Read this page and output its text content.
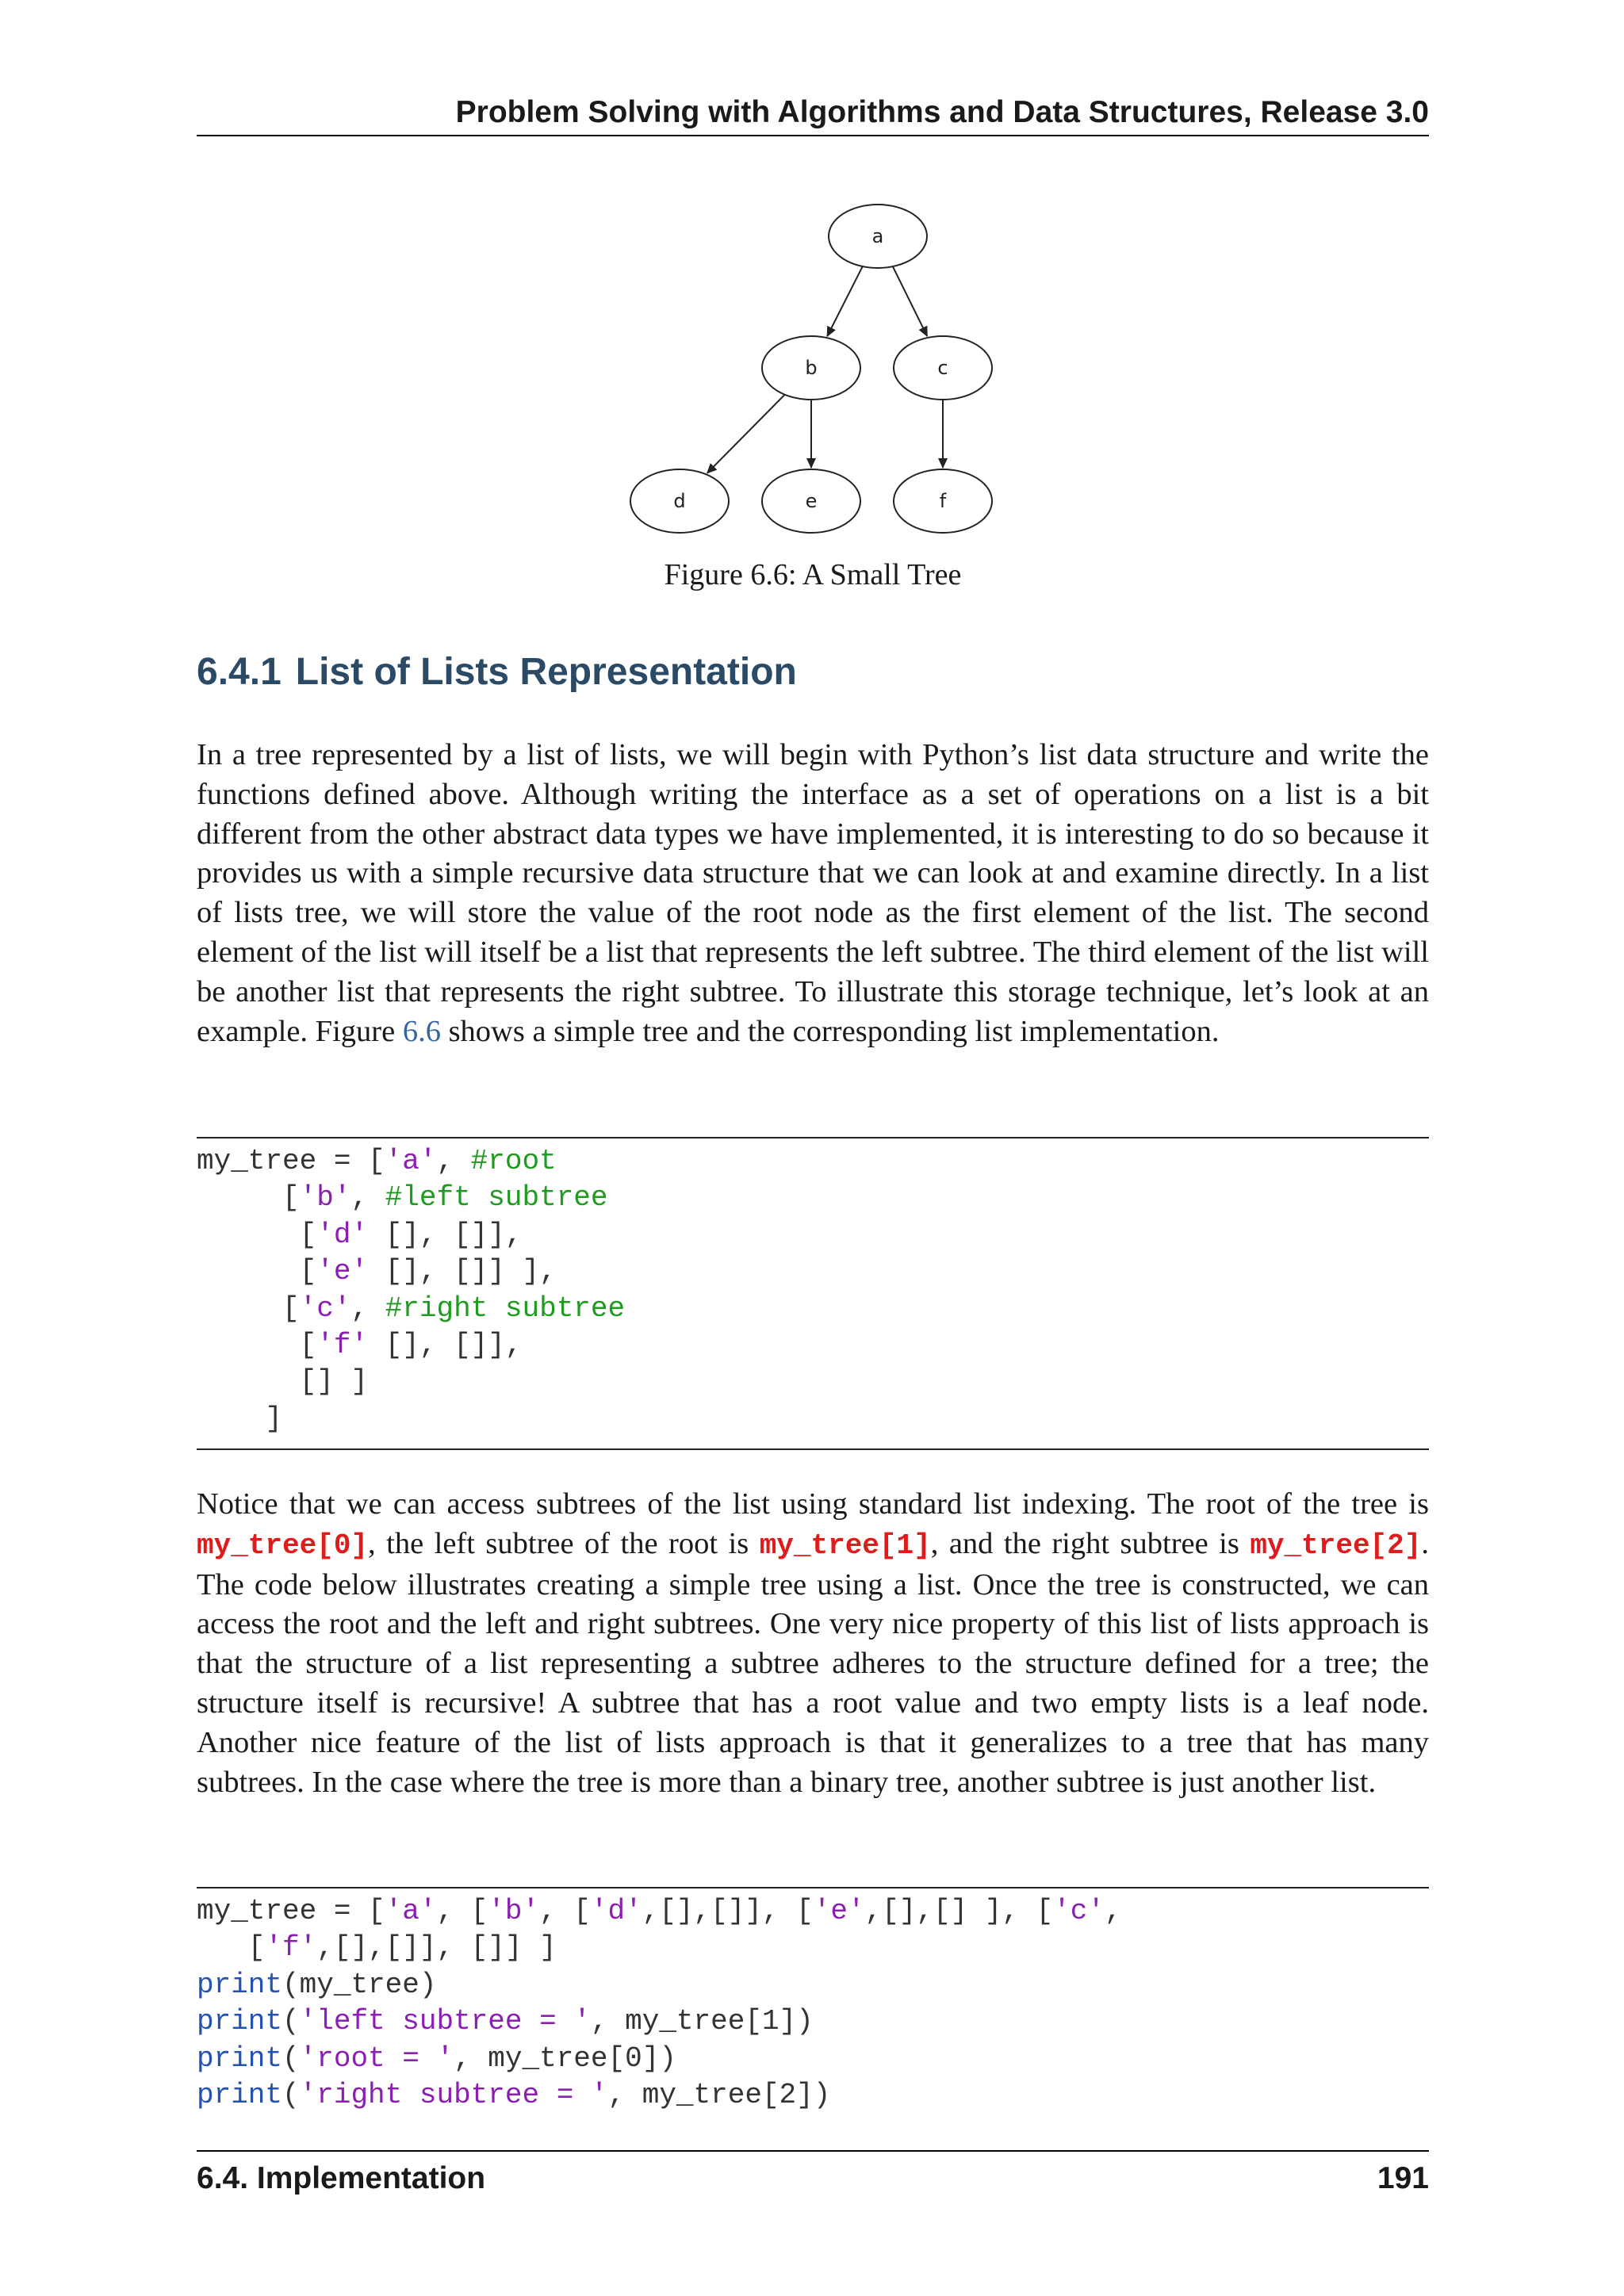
Problem Solving with Algorithms and Data Structures, Release 3.0
a
b	c
d	e	f
Figure 6.6: A Small Tree
6.4.1 List of Lists Representation

In a tree represented by a list of lists, we will begin with Python’s list data structure and write the functions defined above. Although writing the interface as a set of operations on a list is a bit different from the other abstract data types we have implemented, it is interesting to do so because it provides us with a simple recursive data structure that we can look at and examine directly. In a list of lists tree, we will store the value of the root node as the first element of the list. The second element of the list will itself be a list that represents the left subtree. The third element of the list will be another list that represents the right subtree. To illustrate this storage technique, let’s look at an example. Figure 6.6 shows a simple tree and the corresponding list implementation.

my_tree = ['a', #root
['b', #left subtree
['d' [], []],
['e' [], []] ],
['c', #right subtree
['f' [], []],
[] ]
]

Notice that we can access subtrees of the list using standard list indexing. The root of the tree is my_tree[0], the left subtree of the root is my_tree[1], and the right subtree is my_tree[2]. The code below illustrates creating a simple tree using a list. Once the tree is constructed, we can access the root and the left and right subtrees. One very nice property of this list of lists approach is that the structure of a list representing a subtree adheres to the structure defined for a tree; the structure itself is recursive! A subtree that has a root value and two empty lists is a leaf node. Another nice feature of the list of lists approach is that it generalizes to a tree that has many subtrees. In the case where the tree is more than a binary tree, another subtree is just another list.

my_tree = ['a', ['b', ['d',[],[]], ['e',[],[] ], ['c',
['f',[],[]], []] ]
print(my_tree)
print('left subtree = ', my_tree[1])
print('root = ', my_tree[0])
print('right subtree = ', my_tree[2])
6.4. Implementation	191
